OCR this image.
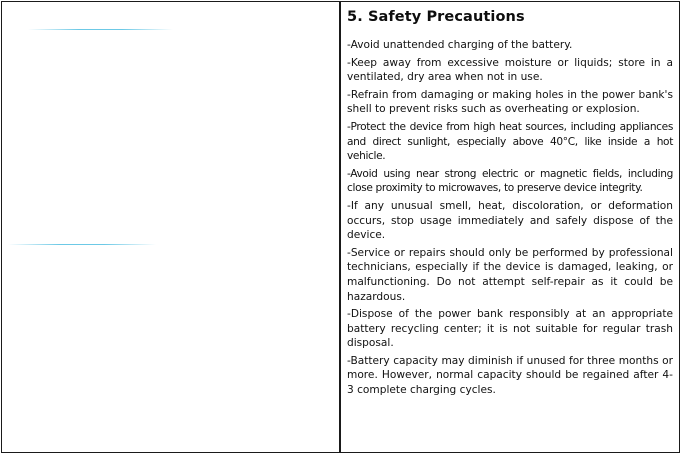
5. Safety Precautions

-Avoid unattended charging of the battery.

-Keep away from excessive moisture or liquids; store in a ventilated, dry area when not in use.

-Refrain from damaging or making holes in the power bank's shell to prevent risks such as overheating or explosion.

-Protect the device from high heat sources, including appliances and direct sunlight, especially above 40°C, like inside a hot vehicle.

-Avoid using near strong electric or magnetic fields, including close proximity to microwaves, to preserve device integrity.

-If any unusual smell, heat, discoloration, or deformation occurs, stop usage immediately and safely dispose of the device.

-Service or repairs should only be performed by professional technicians, especially if the device is damaged, leaking, or malfunctioning. Do not attempt self-repair as it could be hazardous.

-Dispose of the power bank responsibly at an appropriate battery recycling center; it is not suitable for regular trash disposal.

-Battery capacity may diminish if unused for three months or more. However, normal capacity should be regained after 4-3 complete charging cycles.
